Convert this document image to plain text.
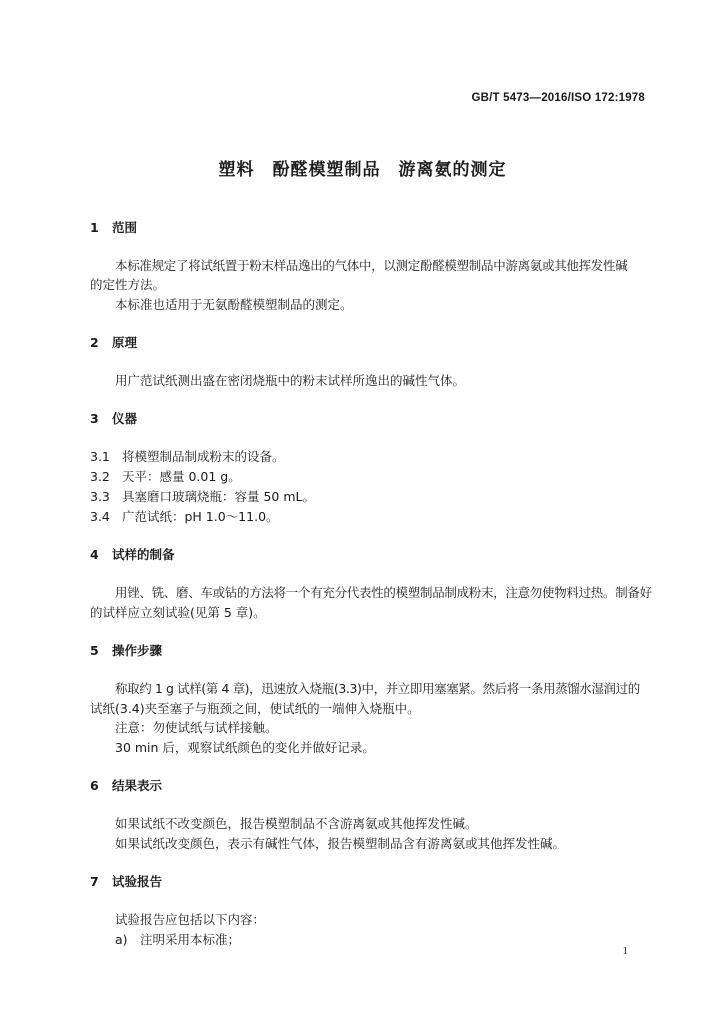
GB/T 5473—2016/ISO 172:1978
塑料　酚醛模塑制品　游离氨的测定
1 范围
本标准规定了将试纸置于粉末样品逸出的气体中，以测定酚醛模塑制品中游离氨或其他挥发性碱
的定性方法。
本标准也适用于无氨酚醛模塑制品的测定。
2 原理
用广范试纸测出盛在密闭烧瓶中的粉末试样所逸出的碱性气体。
3 仪器
3.1 将模塑制品制成粉末的设备。
3.2 天平：感量 0.01 g。
3.3 具塞磨口玻璃烧瓶：容量 50 mL。
3.4 广范试纸：pH 1.0～11.0。
4 试样的制备
用锉、铣、磨、车或钻的方法将一个有充分代表性的模塑制品制成粉末，注意勿使物料过热。制备好
的试样应立刻试验(见第 5 章)。
5 操作步骤
称取约 1 g 试样(第 4 章)，迅速放入烧瓶(3.3)中，并立即用塞塞紧。然后将一条用蒸馏水湿润过的
试纸(3.4)夹至塞子与瓶颈之间，使试纸的一端伸入烧瓶中。
注意：勿使试纸与试样接触。
30 min 后，观察试纸颜色的变化并做好记录。
6 结果表示
如果试纸不改变颜色，报告模塑制品不含游离氨或其他挥发性碱。
如果试纸改变颜色，表示有碱性气体，报告模塑制品含有游离氨或其他挥发性碱。
7 试验报告
试验报告应包括以下内容：
a)　注明采用本标准；
1
